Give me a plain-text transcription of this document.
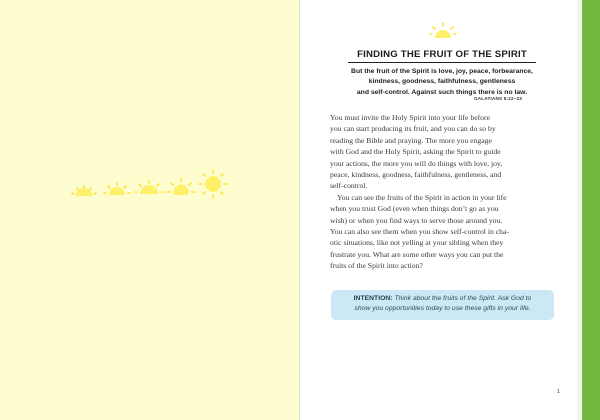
FINDING THE FRUIT OF THE SPIRIT
But the fruit of the Spirit is love, joy, peace, forbearance,
kindness, goodness, faithfulness, gentleness
and self-control. Against such things there is no law.
GALATIANS 5:22–23

You must invite the Holy Spirit into your life before

you can start producing its fruit, and you can do so by

reading the Bible and praying. The more you engage

with God and the Holy Spirit, asking the Spirit to guide

your actions, the more you will do things with love, joy,

peace, kindness, goodness, faithfulness, gentleness, and

self-control.

You can see the fruits of the Spirit in action in your life

when you trust God (even when things don’t go as you

wish) or when you find ways to serve those around you.

You can also see them when you show self-control in cha-

otic situations, like not yelling at your sibling when they

frustrate you. What are some other ways you can put the

fruits of the Spirit into action?

INTENTION: Think about the fruits of the Spirit. Ask God to
show you opportunities today to use these gifts in your life.
1
